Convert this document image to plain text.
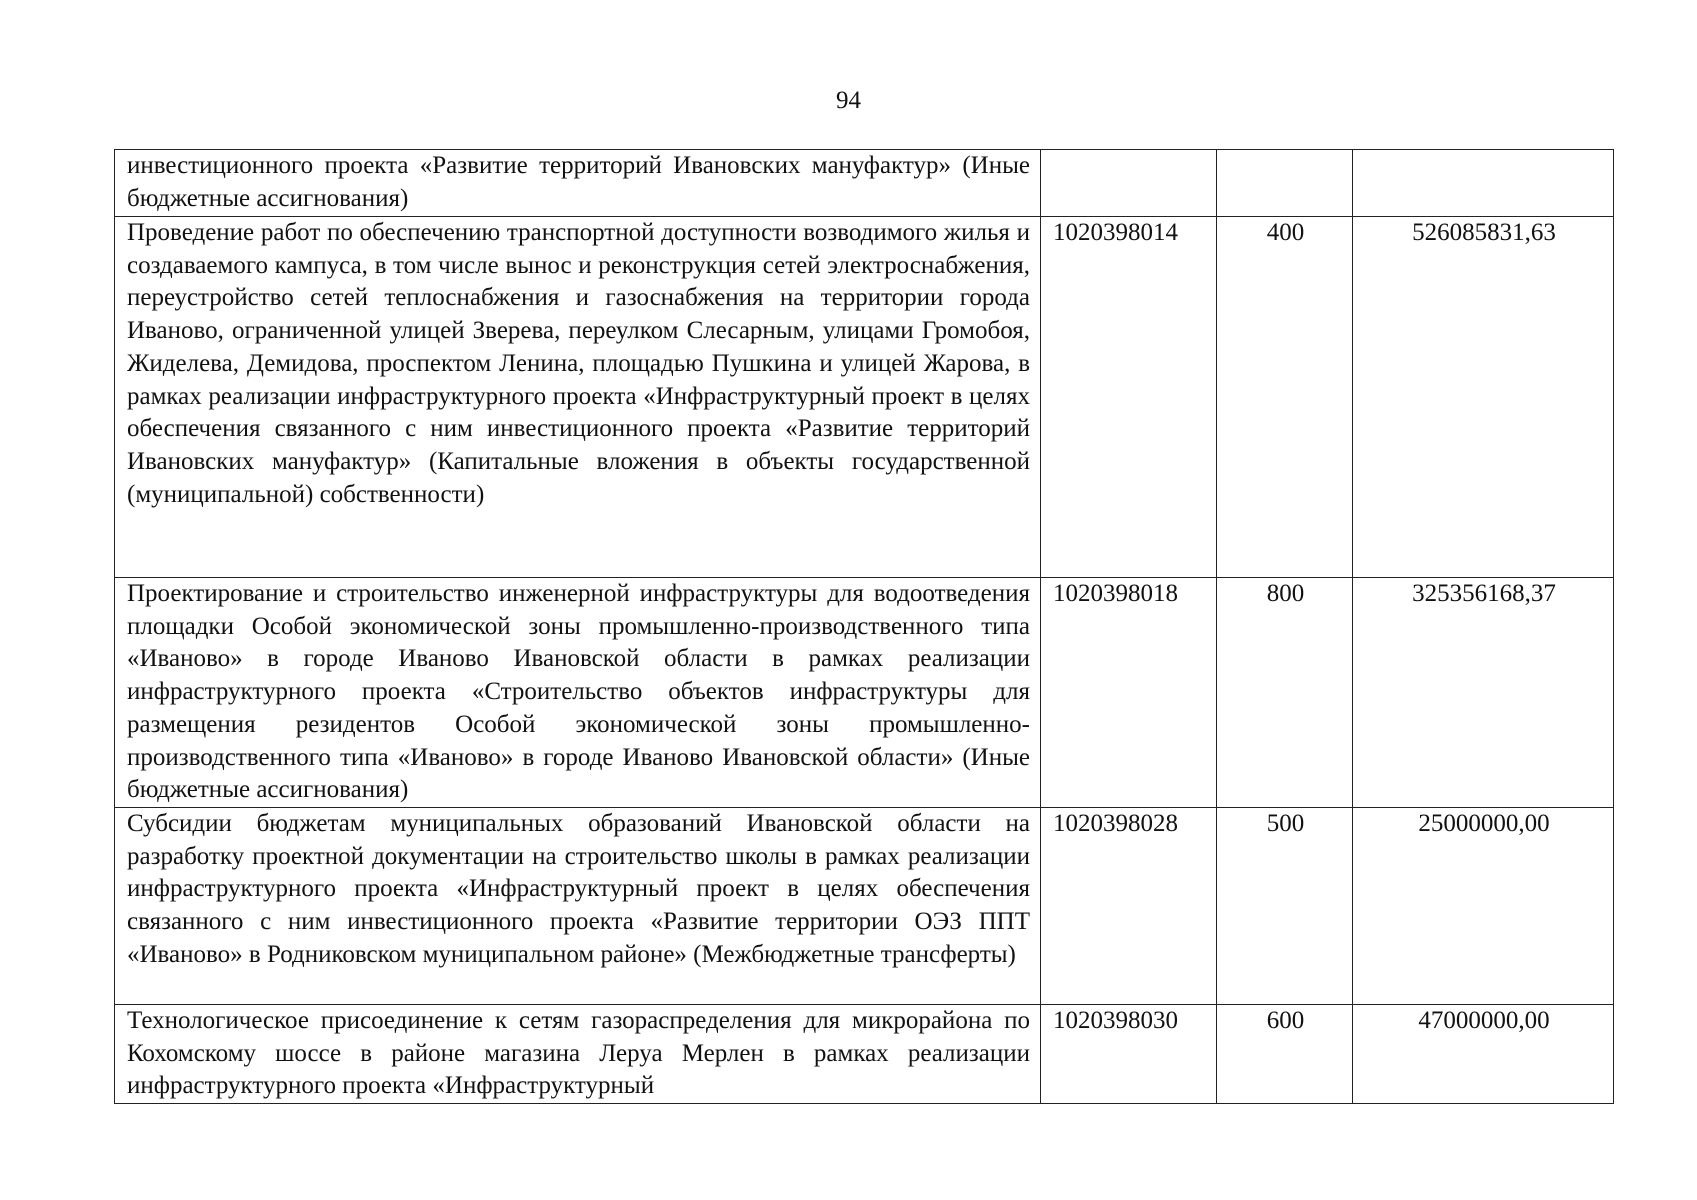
94
инвестиционного проекта «Развитие территорий Ивановских мануфактур» (Иные бюджетные ассигнования)			
Проведение работ по обеспечению транспортной доступности возводимого жилья и создаваемого кампуса, в том числе вынос и реконструкция сетей электроснабжения, переустройство сетей теплоснабжения и газоснабжения на территории города Иваново, ограниченной улицей Зверева, переулком Слесарным, улицами Громобоя, Жиделева, Демидова, проспектом Ленина, площадью Пушкина и улицей Жарова, в рамках реализации инфраструктурного проекта «Инфраструктурный проект в целях обеспечения связанного с ним инвестиционного проекта «Развитие территорий Ивановских мануфактур» (Капитальные вложения в объекты государственной (муниципальной) собственности)	1020398014	400	526085831,63
Проектирование и строительство инженерной инфраструктуры для водоотведения площадки Особой экономической зоны промышленно-производственного типа «Иваново» в городе Иваново Ивановской области в рамках реализации инфраструктурного проекта «Строительство объектов инфраструктуры для размещения резидентов Особой экономической зоны промышленно-производственного типа «Иваново» в городе Иваново Ивановской области» (Иные бюджетные ассигнования)	1020398018	800	325356168,37
Субсидии бюджетам муниципальных образований Ивановской области на разработку проектной документации на строительство школы в рамках реализации инфраструктурного проекта «Инфраструктурный проект в целях обеспечения связанного с ним инвестиционного проекта «Развитие территории ОЭЗ ППТ «Иваново» в Родниковском муниципальном районе» (Межбюджетные трансферты)	1020398028	500	25000000,00
Технологическое присоединение к сетям газораспределения для микрорайона по Кохомскому шоссе в районе магазина Леруа Мерлен в рамках реализации инфраструктурного проекта «Инфраструктурный	1020398030	600	47000000,00
